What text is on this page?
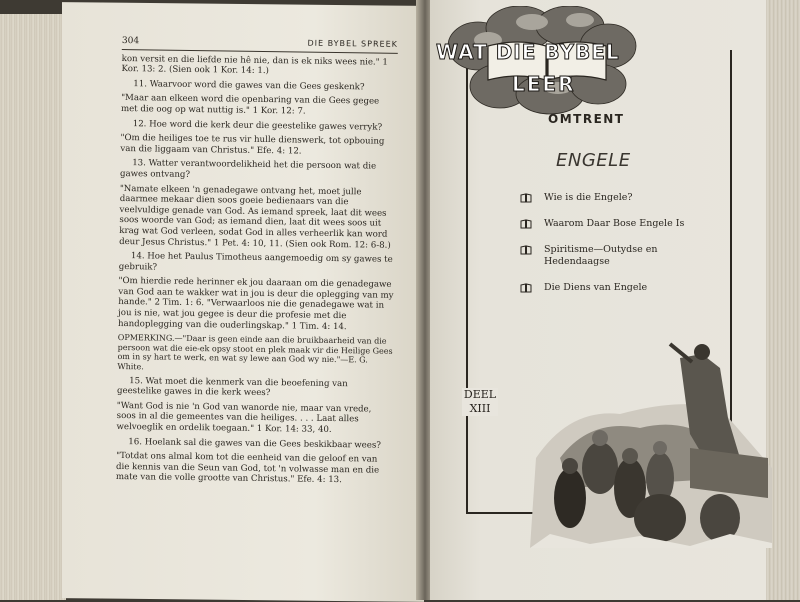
304	DIE BYBEL SPREEK

kon versit en die liefde nie hê nie, dan is ek niks wees nie." 1 Kor. 13: 2. (Sien ook 1 Kor. 14: 1.)

11. Waarvoor word die gawes van die Gees geskenk?

"Maar aan elkeen word die openbaring van die Gees gegee met die oog op wat nuttig is." 1 Kor. 12: 7.

12. Hoe word die kerk deur die geestelike gawes verryk?

"Om die heiliges toe te rus vir hulle dienswerk, tot opbouing van die liggaam van Christus." Efe. 4: 12.

13. Watter verantwoordelikheid het die persoon wat die gawes ontvang?

"Namate elkeen 'n genadegawe ontvang het, moet julle daarmee mekaar dien soos goeie bedienaars van die veelvuldige genade van God. As iemand spreek, laat dit wees soos woorde van God; as iemand dien, laat dit wees soos uit krag wat God verleen, sodat God in alles verheerlik kan word deur Jesus Christus." 1 Pet. 4: 10, 11. (Sien ook Rom. 12: 6-8.)

14. Hoe het Paulus Timotheus aangemoedig om sy gawes te gebruik?

"Om hierdie rede herinner ek jou daaraan om die genadegawe van God aan te wakker wat in jou is deur die oplegging van my hande." 2 Tim. 1: 6. "Verwaarloos nie die genadegawe wat in jou is nie, wat jou gegee is deur die profesie met die handoplegging van die ouderlingskap." 1 Tim. 4: 14.

OPMERKING.—"Daar is geen einde aan die bruikbaarheid van die persoon wat die eie-ek opsy stoot en plek maak vir die Heilige Gees om in sy hart te werk, en wat sy lewe aan God wy nie."—E. G. White.

15. Wat moet die kenmerk van die beoefening van geestelike gawes in die kerk wees?

"Want God is nie 'n God van wanorde nie, maar van vrede, soos in al die gemeentes van die heiliges. . . . Laat alles welvoeglik en ordelik toegaan." 1 Kor. 14: 33, 40.

16. Hoelank sal die gawes van die Gees beskikbaar wees?

"Totdat ons almal kom tot die eenheid van die geloof en van die kennis van die Seun van God, tot 'n volwasse man en die mate van die volle grootte van Christus." Efe. 4: 13.

WAT DIE BYBEL
LEER
OMTRENT
ENGELE
Wie is die Engele?
Waarom Daar Bose Engele Is
Spiritisme—Outydse en Hedendaagse
Die Diens van Engele
DEEL
XIII
